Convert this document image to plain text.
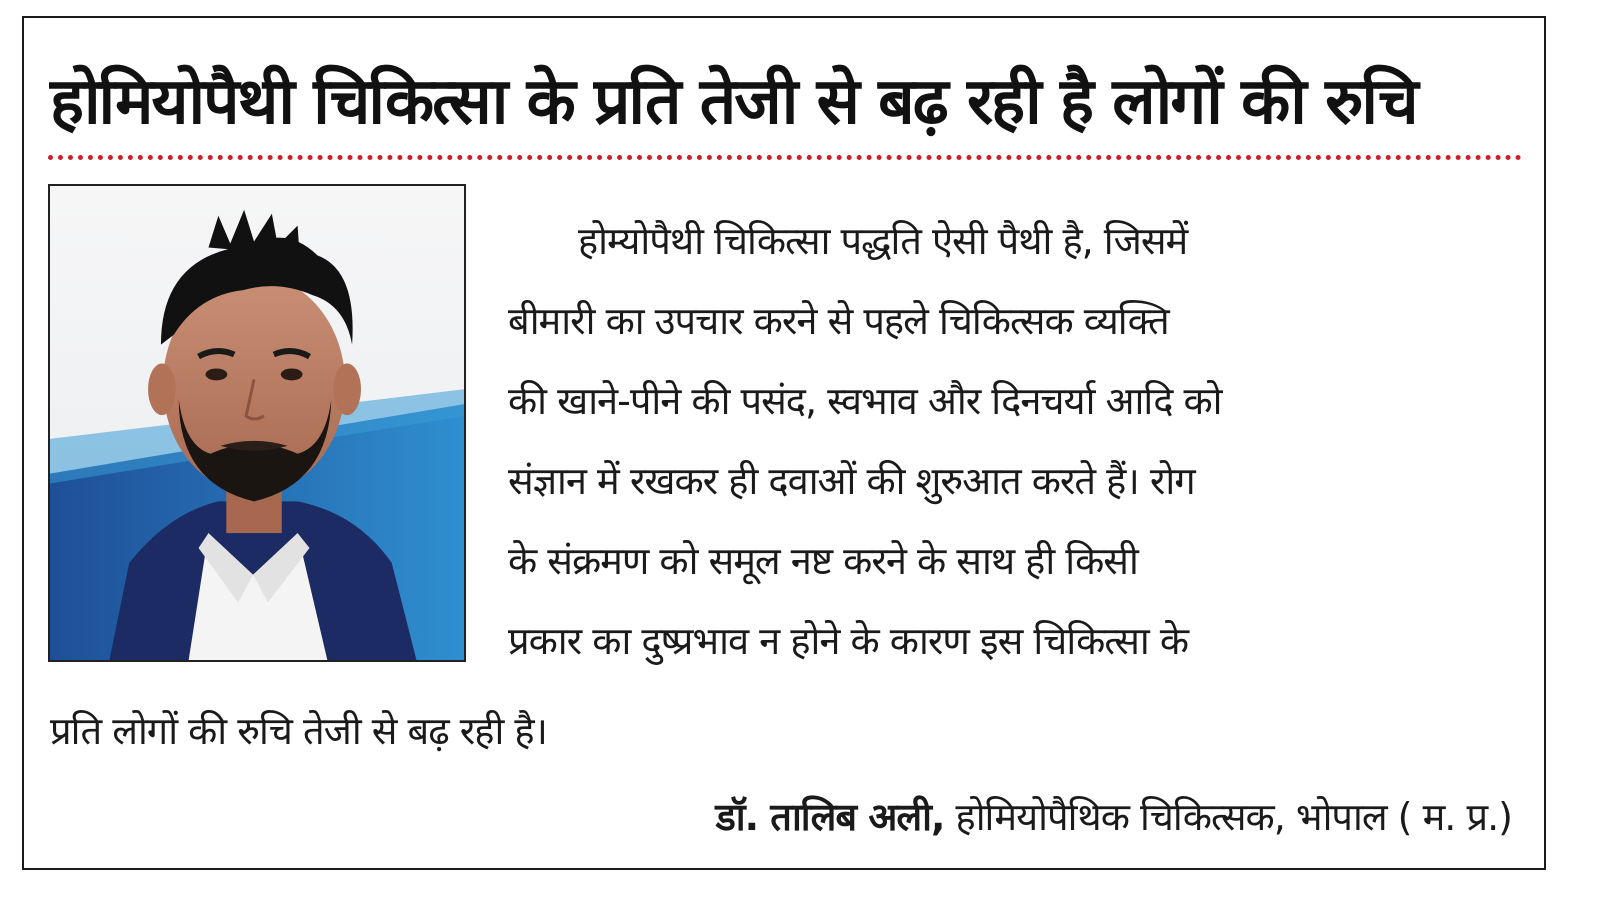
होमियोपैथी चिकित्सा के प्रति तेजी से बढ़ रही है लोगों की रुचि

होम्योपैथी चिकित्सा पद्धति ऐसी पैथी है, जिसमें

बीमारी का उपचार करने से पहले चिकित्सक व्यक्ति

की खाने-पीने की पसंद, स्वभाव और दिनचर्या आदि को

संज्ञान में रखकर ही दवाओं की शुरुआत करते हैं। रोग

के संक्रमण को समूल नष्ट करने के साथ ही किसी

प्रकार का दुष्प्रभाव न होने के कारण इस चिकित्सा के

प्रति लोगों की रुचि तेजी से बढ़ रही है।

डॉ. तालिब अली, होमियोपैथिक चिकित्सक, भोपाल ( म. प्र.)
